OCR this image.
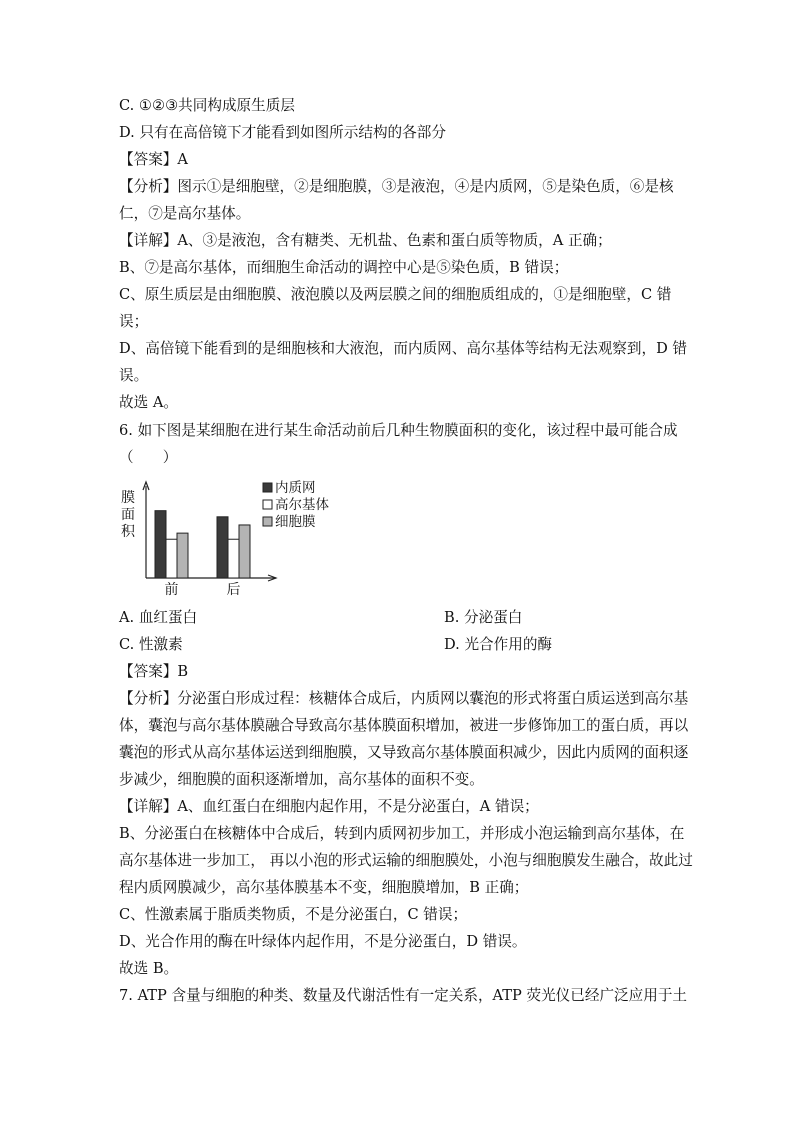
C. ①②③共同构成原生质层
D. 只有在高倍镜下才能看到如图所示结构的各部分
【答案】A
【分析】图示①是细胞壁，②是细胞膜，③是液泡，④是内质网，⑤是染色质，⑥是核
仁，⑦是高尔基体。
【详解】A、③是液泡，含有糖类、无机盐、色素和蛋白质等物质，A 正确；
B、⑦是高尔基体，而细胞生命活动的调控中心是⑤染色质，B 错误；
C、原生质层是由细胞膜、液泡膜以及两层膜之间的细胞质组成的，①是细胞壁，C 错
误；
D、高倍镜下能看到的是细胞核和大液泡，而内质网、高尔基体等结构无法观察到，D 错
误。
故选 A。
6. 如下图是某细胞在进行某生命活动前后几种生物膜面积的变化，该过程中最可能合成
（　　）
膜
面
积
前	后
内质网
高尔基体
细胞膜
A. 血红蛋白	B. 分泌蛋白
C. 性激素	D. 光合作用的酶
【答案】B
【分析】分泌蛋白形成过程：核糖体合成后，内质网以囊泡的形式将蛋白质运送到高尔基
体，囊泡与高尔基体膜融合导致高尔基体膜面积增加，被进一步修饰加工的蛋白质，再以
囊泡的形式从高尔基体运送到细胞膜，又导致高尔基体膜面积减少，因此内质网的面积逐
步减少，细胞膜的面积逐渐增加，高尔基体的面积不变。
【详解】A、血红蛋白在细胞内起作用，不是分泌蛋白，A 错误；
B、分泌蛋白在核糖体中合成后，转到内质网初步加工，并形成小泡运输到高尔基体，在
高尔基体进一步加工， 再以小泡的形式运输的细胞膜处，小泡与细胞膜发生融合，故此过
程内质网膜减少，高尔基体膜基本不变，细胞膜增加，B 正确；
C、性激素属于脂质类物质，不是分泌蛋白，C 错误；
D、光合作用的酶在叶绿体内起作用，不是分泌蛋白，D 错误。
故选 B。
7. ATP 含量与细胞的种类、数量及代谢活性有一定关系，ATP 荧光仪已经广泛应用于土
